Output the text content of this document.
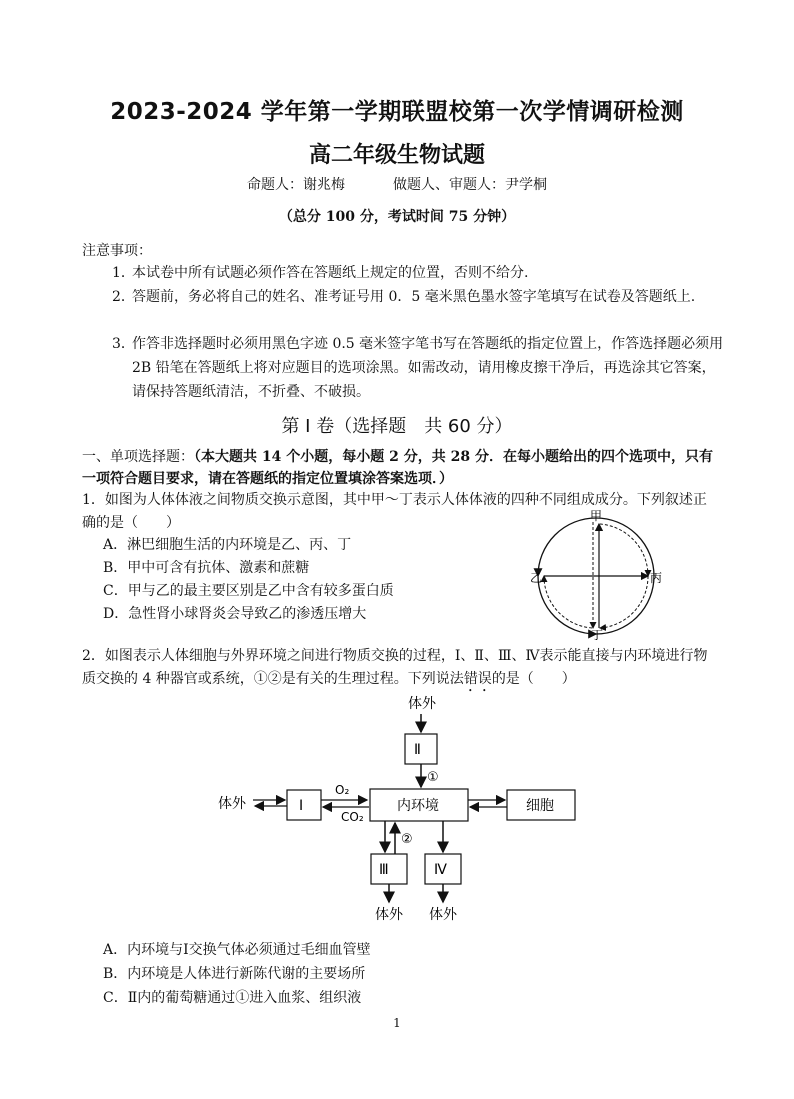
2023-2024 学年第一学期联盟校第一次学情调研检测
高二年级生物试题
命题人：谢兆梅	做题人、审题人：尹学桐
（总分 100 分，考试时间 75 分钟）
注意事项：
1．
本试卷中所有试题必须作答在答题纸上规定的位置，否则不给分.
2．
答题前，务必将自己的姓名、准考证号用 0．5 毫米黑色墨水签字笔填写在试卷及答题纸上.
3．
作答非选择题时必须用黑色字迹 0.5 毫米签字笔书写在答题纸的指定位置上，作答选择题必须用 2B 铅笔在答题纸上将对应题目的选项涂黑。如需改动，请用橡皮擦干净后，再选涂其它答案，请保持答题纸清洁，不折叠、不破损。
第 I 卷（选择题　共 60 分）
一、单项选择题：（本大题共 14 个小题，每小题 2 分，共 28 分．在每小题给出的四个选项中，只有一项符合题目要求，请在答题纸的指定位置填涂答案选项．）
1．如图为人体体液之间物质交换示意图，其中甲～丁表示人体体液的四种不同组成成分。下列叙述正确的是（　　）
A．淋巴细胞生活的内环境是乙、丙、丁
B．甲中可含有抗体、激素和蔗糖
C．甲与乙的最主要区别是乙中含有较多蛋白质
D．急性肾小球肾炎会导致乙的渗透压增大
甲
乙	丙
丁
2．如图表示人体细胞与外界环境之间进行物质交换的过程，Ⅰ、Ⅱ、Ⅲ、Ⅳ表示能直接与内环境进行物质交换的 4 种器官或系统，①②是有关的生理过程。下列说法错误的是（　　）
体外
Ⅱ
①
体外	Ⅰ
O₂
CO₂
内环境	细胞
②
Ⅲ	Ⅳ
体外 体外
A．内环境与Ⅰ交换气体必须通过毛细血管壁
B．内环境是人体进行新陈代谢的主要场所
C．Ⅱ内的葡萄糖通过①进入血浆、组织液
1
